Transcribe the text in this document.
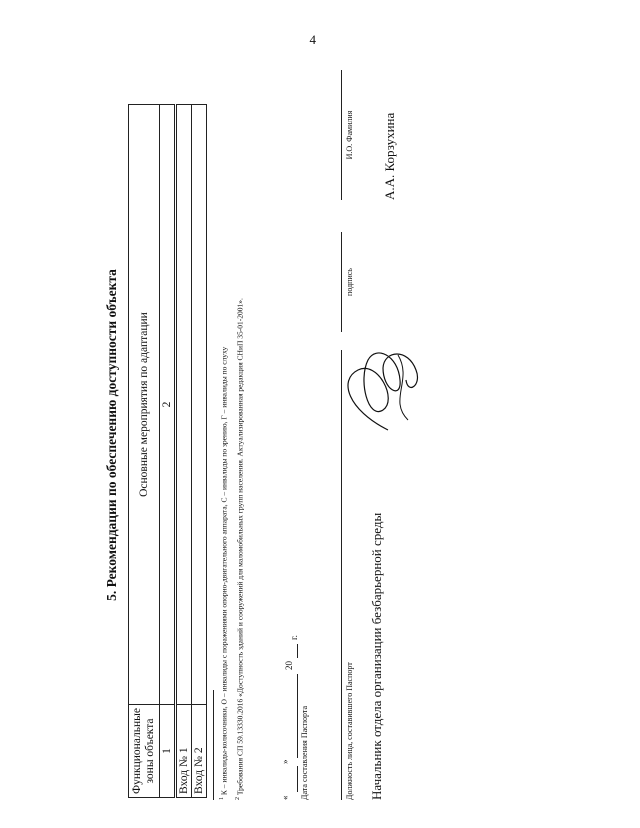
4
5. Рекомендации по обеспечению доступности объекта
Функциональные зоны объекта	Основные мероприятия по адаптации
1	2
Вход № 1	
Вход № 2	
$^1$ К – инвалиды-колясочники, О – инвалиды с поражениями опорно-двигательного аппарата, С – инвалиды по зрению, Г – инвалиды по слуху
$^2$ Требования СП 59.13330.2016 «Доступность зданий и сооружений для маломобильных групп населения. Актуализированная редакция СНиП 35-01-2001».
«
»
20
г.
Дата составления Паспорта	Должность лица, составившего Паспорт
подпись
И.О. Фамилия
Начальник отдела организации безбарьерной среды
А.А. Корзухина
